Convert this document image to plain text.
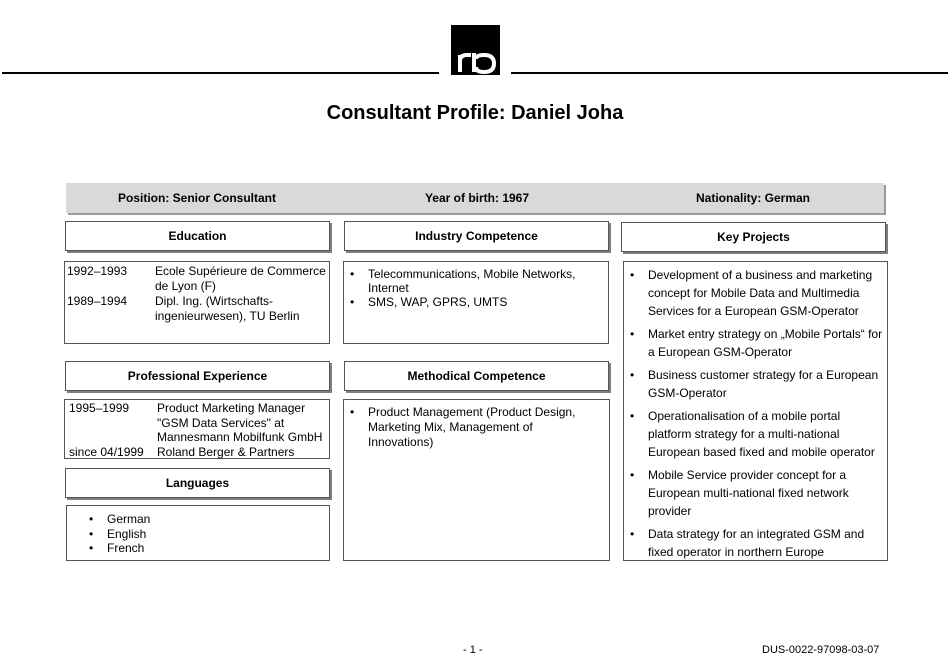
Consultant Profile: Daniel Joha
Position: Senior Consultant	Year of birth: 1967	Nationality: German
Education
1992–1993 Ecole Supérieure de Commerce de Lyon (F)
1989–1994 Dipl. Ing. (Wirtschafts-ingenieurwesen), TU Berlin
Industry Competence
• Telecommunications, Mobile Networks, Internet
• SMS, WAP, GPRS, UMTS
Key Projects
• Development of a business and marketing concept for Mobile Data and Multimedia Services for a European GSM-Operator
• Market entry strategy on „Mobile Portals“ for a European GSM-Operator
• Business customer strategy for a European GSM-Operator
• Operationalisation of a mobile portal platform strategy for a multi-national European based fixed and mobile operator
• Mobile Service provider concept for a European multi-national fixed network provider
• Data strategy for an integrated GSM and fixed operator in northern Europe
Professional Experience
1995–1999 Product Marketing Manager "GSM Data Services" at Mannesmann Mobilfunk GmbH
since 04/1999 Roland Berger & Partners
Methodical Competence
• Product Management (Product Design, Marketing Mix, Management of Innovations)
Languages
• German
• English
• French
- 1 -	DUS-0022-97098-03-07
